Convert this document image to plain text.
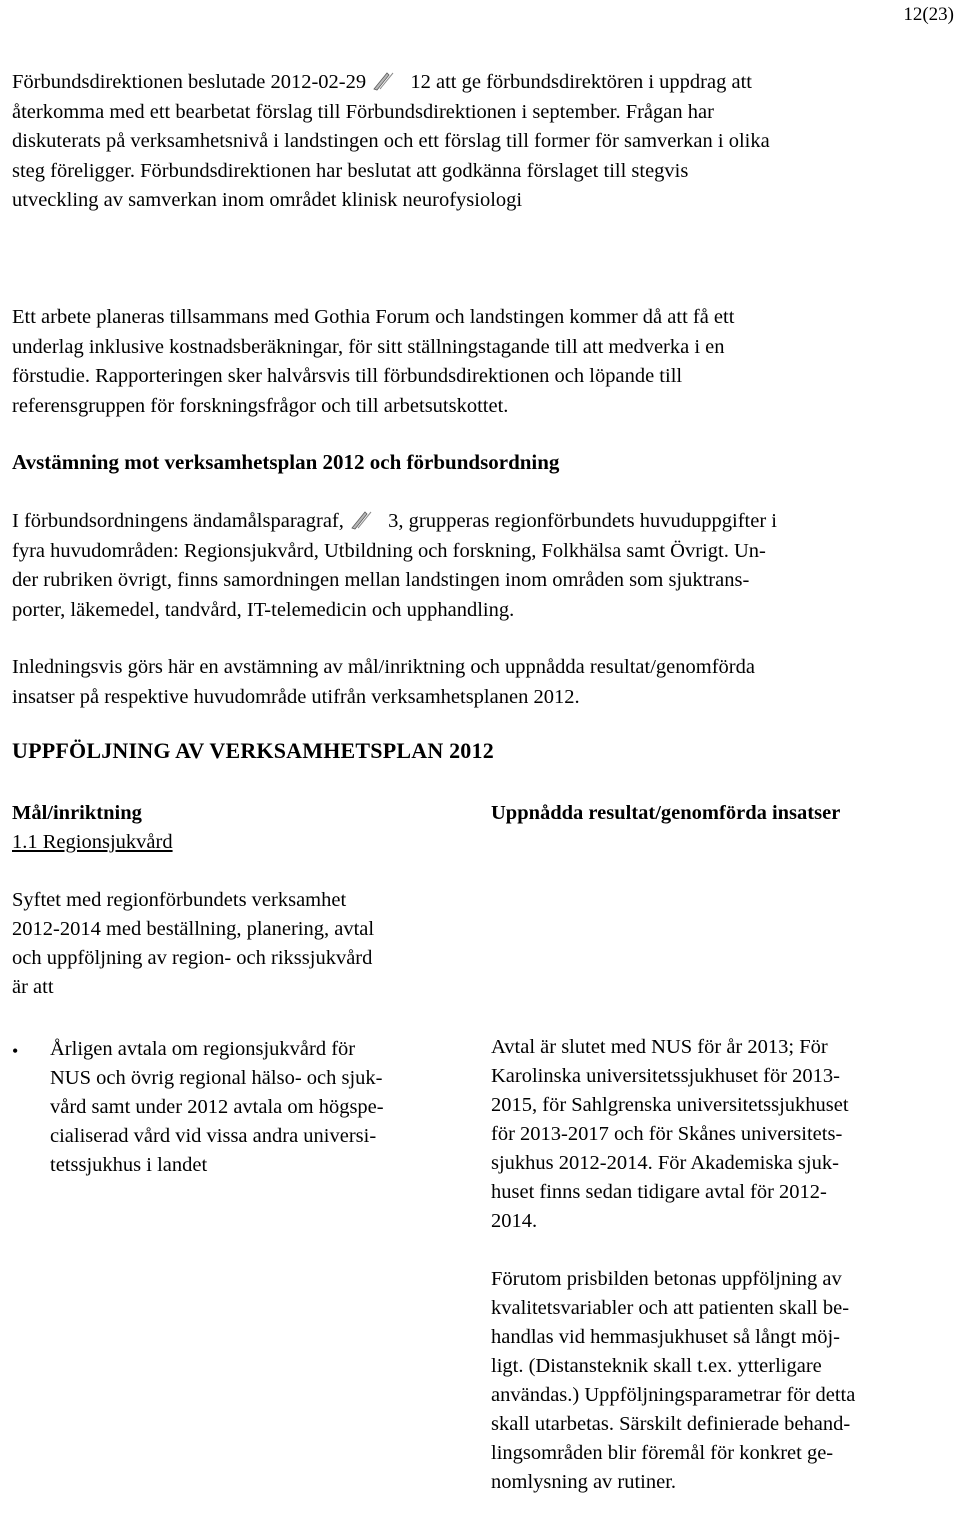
12(23)
Förbundsdirektionen beslutade 2012-02-29 12 att ge förbundsdirektören i uppdrag att
återkomma med ett bearbetat förslag till Förbundsdirektionen i september. Frågan har
diskuterats på verksamhetsnivå i landstingen och ett förslag till former för samverkan i olika
steg föreligger. Förbundsdirektionen har beslutat att godkänna förslaget till stegvis
utveckling av samverkan inom området klinisk neurofysiologi
Ett arbete planeras tillsammans med Gothia Forum och landstingen kommer då att få ett
underlag inklusive kostnadsberäkningar, för sitt ställningstagande till att medverka i en
förstudie. Rapporteringen sker halvårsvis till förbundsdirektionen och löpande till
referensgruppen för forskningsfrågor och till arbetsutskottet.
Avstämning mot verksamhetsplan 2012 och förbundsordning
I förbundsordningens ändamålsparagraf, 3, grupperas regionförbundets huvuduppgifter i
fyra huvudområden: Regionsjukvård, Utbildning och forskning, Folkhälsa samt Övrigt. Un-
der rubriken övrigt, finns samordningen mellan landstingen inom områden som sjuktrans-
porter, läkemedel, tandvård, IT-telemedicin och upphandling.
Inledningsvis görs här en avstämning av mål/inriktning och uppnådda resultat/genomförda
insatser på respektive huvudområde utifrån verksamhetsplanen 2012.
UPPFÖLJNING AV VERKSAMHETSPLAN 2012
Mål/inriktning
1.1 Regionsjukvård
Syftet med regionförbundets verksamhet
2012-2014 med beställning, planering, avtal
och uppföljning av region- och rikssjukvård
är att
• Årligen avtala om regionsjukvård för
NUS och övrig regional hälso- och sjuk-
vård samt under 2012 avtala om högspe-
cialiserad vård vid vissa andra universi-
tetssjukhus i landet
Uppnådda resultat/genomförda insatser
Avtal är slutet med NUS för år 2013; För
Karolinska universitetssjukhuset för 2013-
2015, för Sahlgrenska universitetssjukhuset
för 2013-2017 och för Skånes universitets-
sjukhus 2012-2014. För Akademiska sjuk-
huset finns sedan tidigare avtal för 2012-
2014.
Förutom prisbilden betonas uppföljning av
kvalitetsvariabler och att patienten skall be-
handlas vid hemmasjukhuset så långt möj-
ligt. (Distansteknik skall t.ex. ytterligare
användas.) Uppföljningsparametrar för detta
skall utarbetas. Särskilt definierade behand-
lingsområden blir föremål för konkret ge-
nomlysning av rutiner.
